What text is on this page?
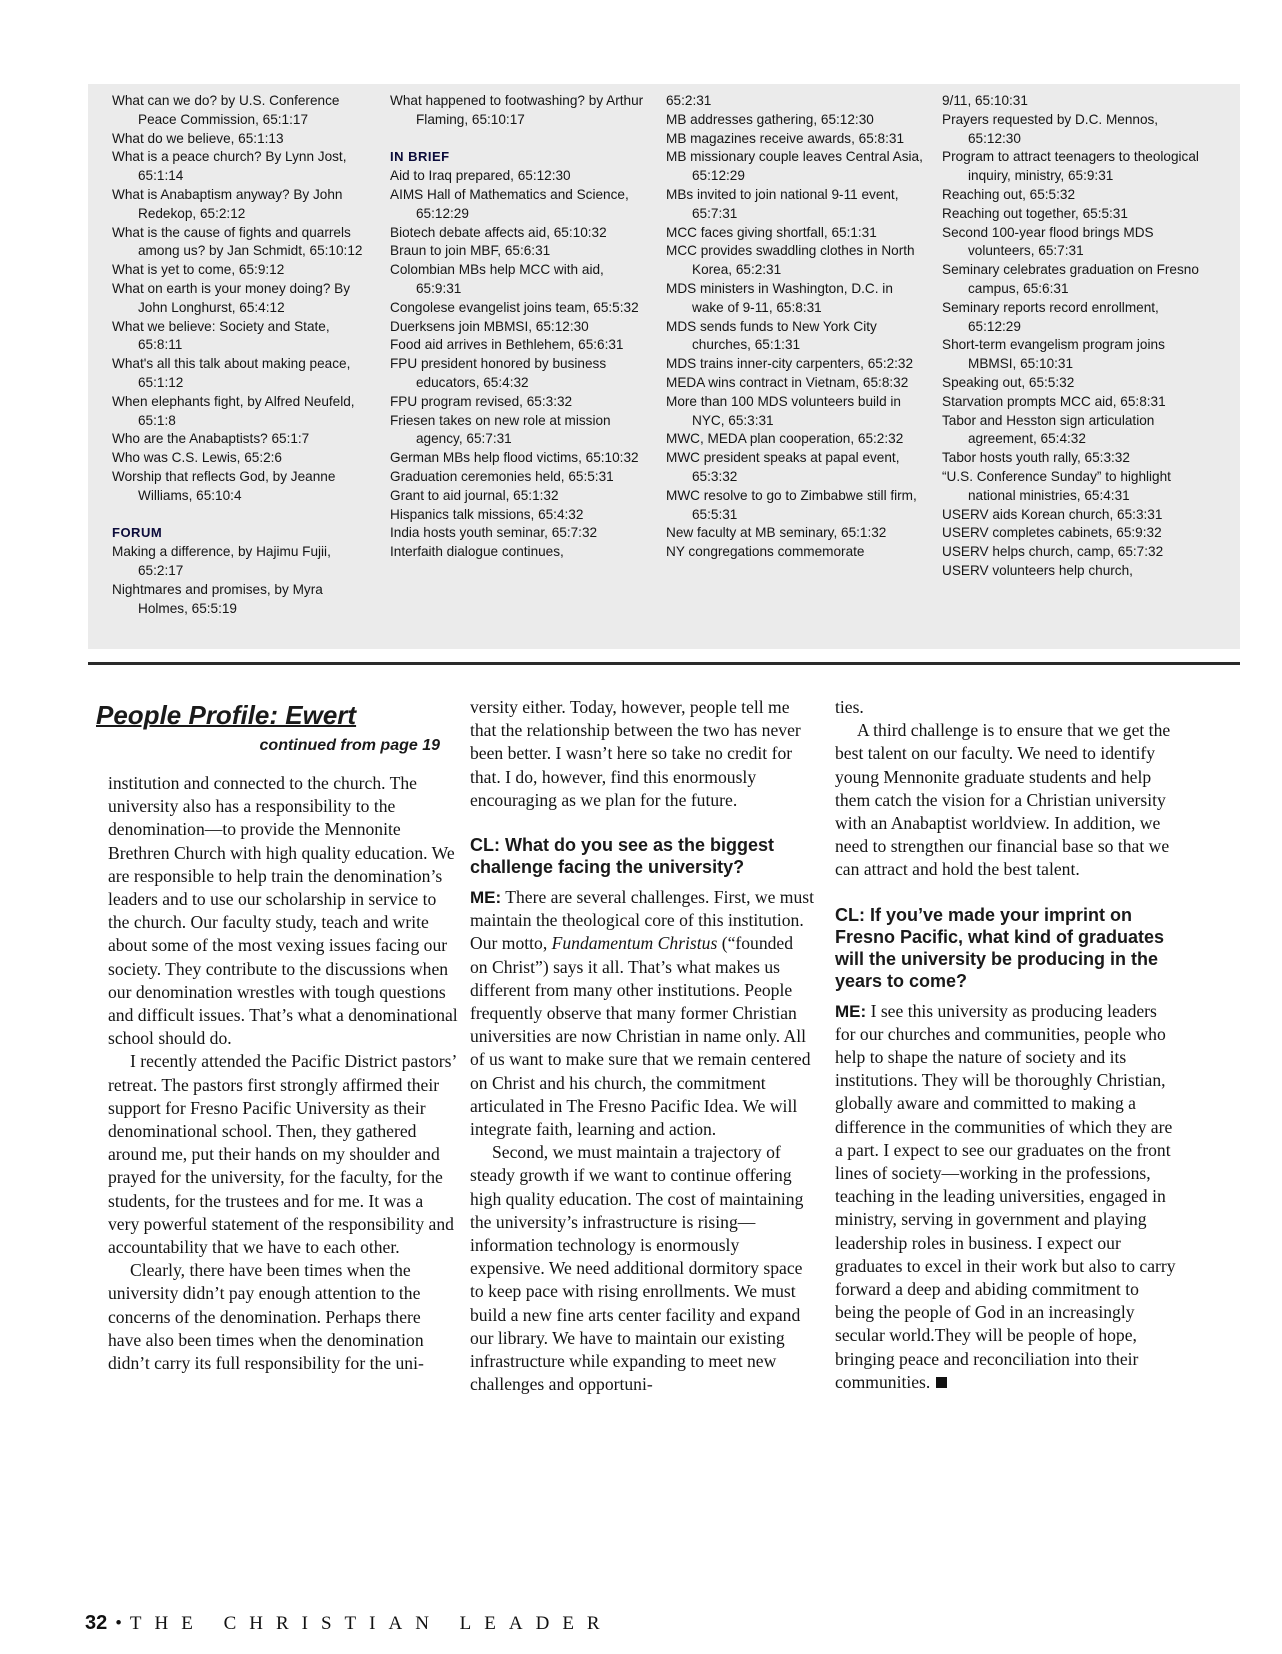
What can we do? by U.S. Conference Peace Commission, 65:1:17
What do we believe, 65:1:13
What is a peace church? By Lynn Jost, 65:1:14
What is Anabaptism anyway? By John Redekop, 65:2:12
What is the cause of fights and quarrels among us? by Jan Schmidt, 65:10:12
What is yet to come, 65:9:12
What on earth is your money doing? By John Longhurst, 65:4:12
What we believe: Society and State, 65:8:11
What's all this talk about making peace, 65:1:12
When elephants fight, by Alfred Neufeld, 65:1:8
Who are the Anabaptists? 65:1:7
Who was C.S. Lewis, 65:2:6
Worship that reflects God, by Jeanne Williams, 65:10:4
FORUM
Making a difference, by Hajimu Fujii, 65:2:17
Nightmares and promises, by Myra Holmes, 65:5:19
What happened to footwashing? by Arthur Flaming, 65:10:17
IN BRIEF
Aid to Iraq prepared, 65:12:30
AIMS Hall of Mathematics and Science, 65:12:29
Biotech debate affects aid, 65:10:32
Braun to join MBF, 65:6:31
Colombian MBs help MCC with aid, 65:9:31
Congolese evangelist joins team, 65:5:32
Duerksens join MBMSI, 65:12:30
Food aid arrives in Bethlehem, 65:6:31
FPU president honored by business educators, 65:4:32
FPU program revised, 65:3:32
Friesen takes on new role at mission agency, 65:7:31
German MBs help flood victims, 65:10:32
Graduation ceremonies held, 65:5:31
Grant to aid journal, 65:1:32
Hispanics talk missions, 65:4:32
India hosts youth seminar, 65:7:32
Interfaith dialogue continues,
65:2:31
MB addresses gathering, 65:12:30
MB magazines receive awards, 65:8:31
MB missionary couple leaves Central Asia, 65:12:29
MBs invited to join national 9-11 event, 65:7:31
MCC faces giving shortfall, 65:1:31
MCC provides swaddling clothes in North Korea, 65:2:31
MDS ministers in Washington, D.C. in wake of 9-11, 65:8:31
MDS sends funds to New York City churches, 65:1:31
MDS trains inner-city carpenters, 65:2:32
MEDA wins contract in Vietnam, 65:8:32
More than 100 MDS volunteers build in NYC, 65:3:31
MWC, MEDA plan cooperation, 65:2:32
MWC president speaks at papal event, 65:3:32
MWC resolve to go to Zimbabwe still firm, 65:5:31
New faculty at MB seminary, 65:1:32
NY congregations commemorate
9/11, 65:10:31
Prayers requested by D.C. Mennos, 65:12:30
Program to attract teenagers to theological inquiry, ministry, 65:9:31
Reaching out, 65:5:32
Reaching out together, 65:5:31
Second 100-year flood brings MDS volunteers, 65:7:31
Seminary celebrates graduation on Fresno campus, 65:6:31
Seminary reports record enrollment, 65:12:29
Short-term evangelism program joins MBMSI, 65:10:31
Speaking out, 65:5:32
Starvation prompts MCC aid, 65:8:31
Tabor and Hesston sign articulation agreement, 65:4:32
Tabor hosts youth rally, 65:3:32
“U.S. Conference Sunday” to highlight national ministries, 65:4:31
USERV aids Korean church, 65:3:31
USERV completes cabinets, 65:9:32
USERV helps church, camp, 65:7:32
USERV volunteers help church,
People Profile: Ewert
continued from page 19

institution and connected to the church. The university also has a responsibility to the denomination—to provide the Mennonite Brethren Church with high quality education. We are responsible to help train the denomination’s leaders and to use our scholarship in service to the church. Our faculty study, teach and write about some of the most vexing issues facing our society. They contribute to the discussions when our denomination wrestles with tough questions and difficult issues. That’s what a denominational school should do.

I recently attended the Pacific District pastors’ retreat. The pastors first strongly affirmed their support for Fresno Pacific University as their denominational school. Then, they gathered around me, put their hands on my shoulder and prayed for the university, for the faculty, for the students, for the trustees and for me. It was a very powerful statement of the responsibility and accountability that we have to each other.

Clearly, there have been times when the university didn’t pay enough attention to the concerns of the denomination. Perhaps there have also been times when the denomination didn’t carry its full responsibility for the uni-

versity either. Today, however, people tell me that the relationship between the two has never been better. I wasn’t here so take no credit for that. I do, however, find this enormously encouraging as we plan for the future.

CL: What do you see as the biggest challenge facing the university?

ME: There are several challenges. First, we must maintain the theological core of this institution. Our motto, Fundamentum Christus (“founded on Christ”) says it all. That’s what makes us different from many other institutions. People frequently observe that many former Christian universities are now Christian in name only. All of us want to make sure that we remain centered on Christ and his church, the commitment articulated in The Fresno Pacific Idea. We will integrate faith, learning and action.

Second, we must maintain a trajectory of steady growth if we want to continue offering high quality education. The cost of maintaining the university’s infrastructure is rising—information technology is enormously expensive. We need additional dormitory space to keep pace with rising enrollments. We must build a new fine arts center facility and expand our library. We have to maintain our existing infrastructure while expanding to meet new challenges and opportuni-

ties.

A third challenge is to ensure that we get the best talent on our faculty. We need to identify young Mennonite graduate students and help them catch the vision for a Christian university with an Anabaptist worldview. In addition, we need to strengthen our financial base so that we can attract and hold the best talent.

CL: If you’ve made your imprint on Fresno Pacific, what kind of graduates will the university be producing in the years to come?

ME: I see this university as producing leaders for our churches and communities, people who help to shape the nature of society and its institutions. They will be thoroughly Christian, globally aware and committed to making a difference in the communities of which they are a part. I expect to see our graduates on the front lines of society—working in the professions, teaching in the leading universities, engaged in ministry, serving in government and playing leadership roles in business. I expect our graduates to excel in their work but also to carry forward a deep and abiding commitment to being the people of God in an increasingly secular world.They will be people of hope, bringing peace and reconciliation into their communities.

32 • THE CHRISTIAN LEADER
